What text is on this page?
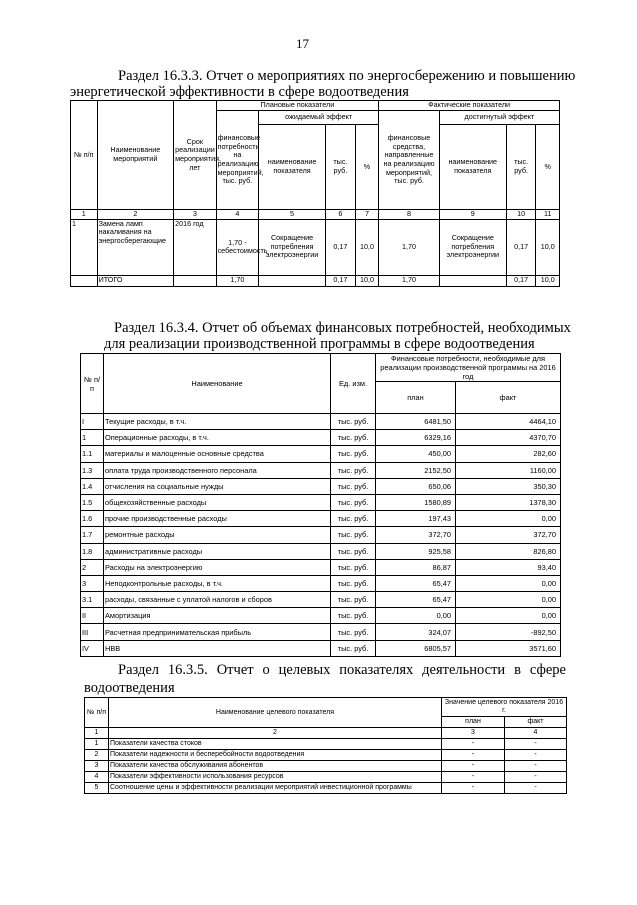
17
Раздел 16.3.3. Отчет о мероприятиях по энергосбережению и повышению
энергетической эффективности в сфере водоотведения
№ п/п	Наименование мероприятий	Срок реализации мероприятия, лет	Плановые показатели				Фактические показатели			
			финансовые потребности на реализацию мероприятий, тыс. руб.	ожидаемый эффект			финансовые средства, направленные на реализацию мероприятий, тыс. руб.	достигнутый эффект		
				наименование показателя	тыс. руб.	%		наименование показателя	тыс. руб.	%
1	2	3	4	5	6	7	8	9	10	11
1	Замена ламп накаливания на энергосберегающие	2016 год	1,70 - себестоимость	Сокращение потребления электроэнергии	0,17	10,0	1,70	Сокращение потребления электроэнергии	0,17	10,0
	ИТОГО		1,70		0,17	10,0	1,70		0,17	10,0
Раздел 16.3.4. Отчет об объемах финансовых потребностей, необходимых
для реализации производственной программы в сфере водоотведения
№ п/п	Наименование	Ед. изм.	Финансовые потребности, необходимые для реализации производственной программы на 2016 год	
			план	факт
I	Текущие расходы, в т.ч.	тыс. руб.	6481,50	4464,10
1	Операционные расходы, в т.ч.	тыс. руб.	6329,16	4370,70
1.1	материалы и малоценные основные средства	тыс. руб.	450,00	282,60
1.3	оплата труда производственного персонала	тыс. руб.	2152,50	1160,00
1.4	отчисления на социальные нужды	тыс. руб.	650,06	350,30
1.5	общехозяйственные расходы	тыс. руб.	1580,89	1378,30
1.6	прочие производственные расходы	тыс. руб.	197,43	0,00
1.7	ремонтные расходы	тыс. руб.	372,70	372,70
1.8	административные расходы	тыс. руб.	925,58	826,80
2	Расходы на электроэнергию	тыс. руб.	86,87	93,40
3	Неподконтрольные расходы, в т.ч.	тыс. руб.	65,47	0,00
3.1	расходы, связанные с уплатой налогов и сборов	тыс. руб.	65,47	0,00
II	Амортизация	тыс. руб.	0,00	0,00
III	Расчетная предпринимательская прибыль	тыс. руб.	324,07	-892,50
IV	НВВ	тыс. руб.	6805,57	3571,60
Раздел 16.3.5. Отчет о целевых показателях деятельности в сфере
водоотведения
№ п/п	Наименование целевого показателя	Значение целевого показателя 2016 г.	
		план	факт
1	2	3	4
1	Показатели качества стоков	-	-
2	Показатели надежности и бесперебойности водоотведения	-	-
3	Показатели качества обслуживания абонентов	-	-
4	Показатели эффективности использования ресурсов	-	-
5	Соотношение цены и эффективности реализации мероприятий инвестиционной программы	-	-
